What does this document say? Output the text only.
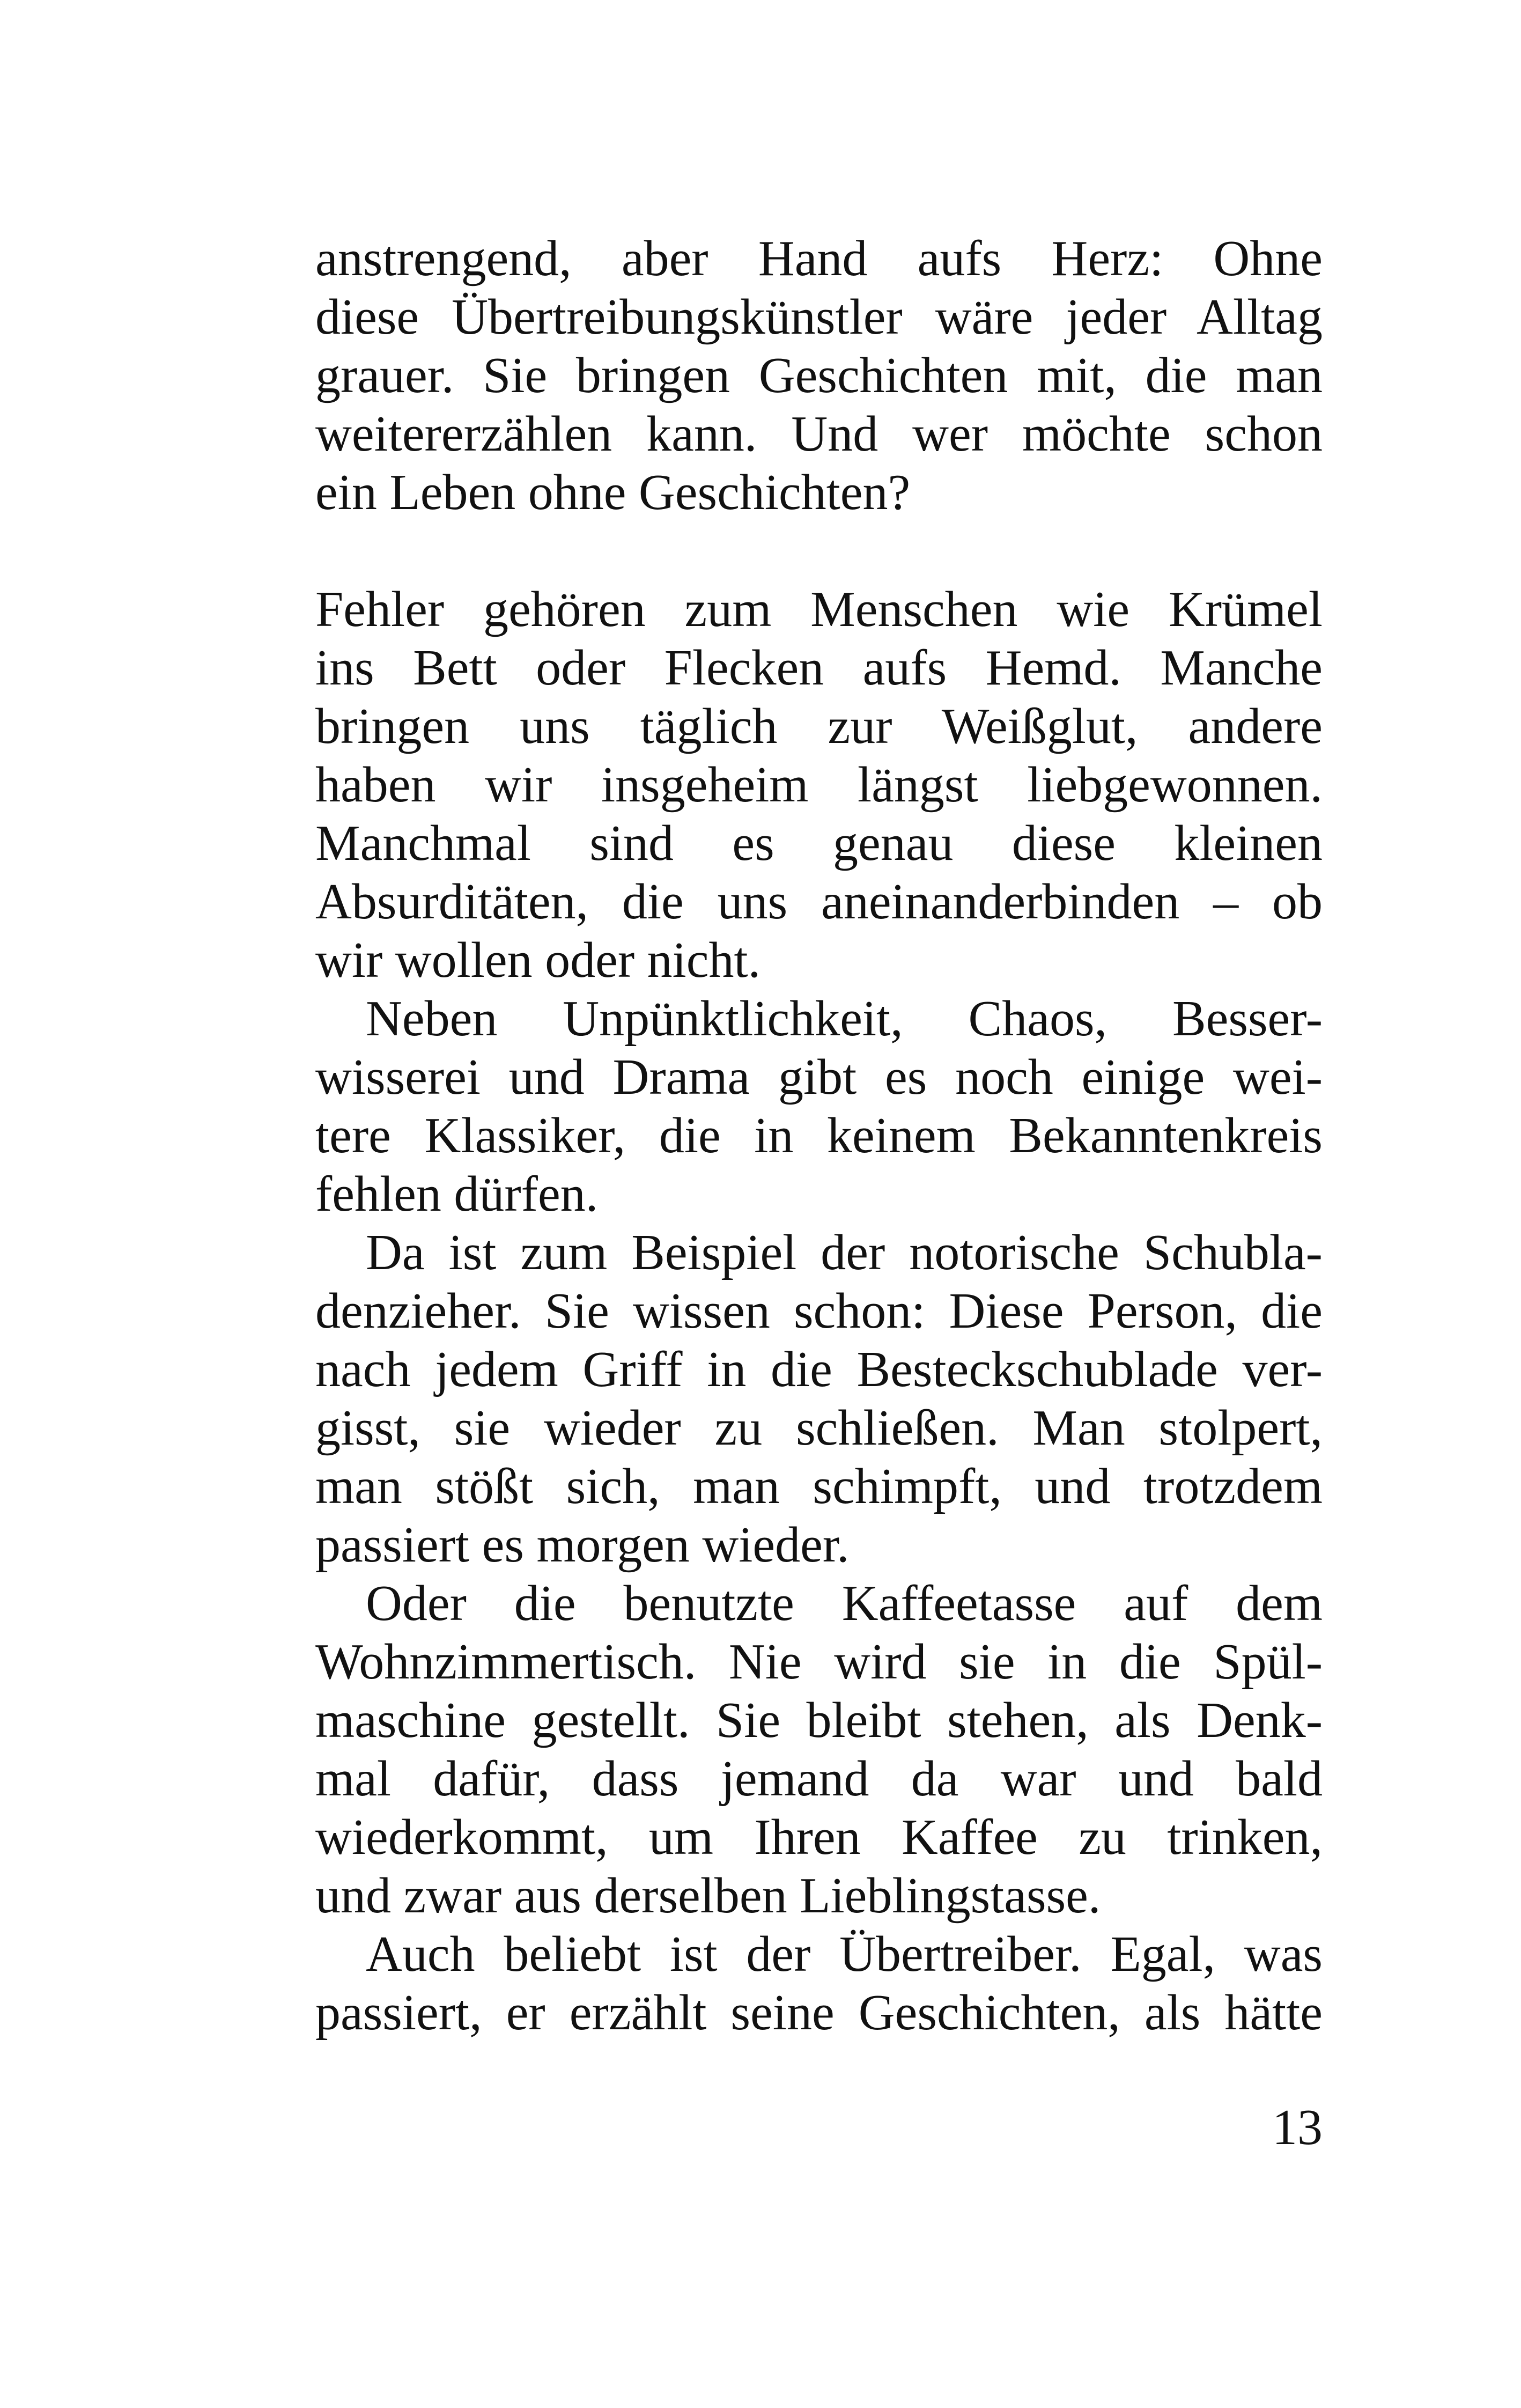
anstrengend, aber Hand aufs Herz: Ohne
diese Übertreibungskünstler wäre jeder Alltag
grauer. Sie bringen Geschichten mit, die man
weitererzählen kann. Und wer möchte schon
ein Leben ohne Geschichten?
Fehler gehören zum Menschen wie Krümel
ins Bett oder Flecken aufs Hemd. Manche
bringen uns täglich zur Weißglut, andere
haben wir insgeheim längst liebgewonnen.
Manchmal sind es genau diese kleinen
Absurditäten, die uns aneinanderbinden – ob
wir wollen oder nicht.
Neben Unpünktlichkeit, Chaos, Besser-
wisserei und Drama gibt es noch einige wei-
tere Klassiker, die in keinem Bekanntenkreis
fehlen dürfen.
Da ist zum Beispiel der notorische Schubla-
denzieher. Sie wissen schon: Diese Person, die
nach jedem Griff in die Besteckschublade ver-
gisst, sie wieder zu schließen. Man stolpert,
man stößt sich, man schimpft, und trotzdem
passiert es morgen wieder.
Oder die benutzte Kaffeetasse auf dem
Wohnzimmertisch. Nie wird sie in die Spül-
maschine gestellt. Sie bleibt stehen, als Denk-
mal dafür, dass jemand da war und bald
wiederkommt, um Ihren Kaffee zu trinken,
und zwar aus derselben Lieblingstasse.
Auch beliebt ist der Übertreiber. Egal, was
passiert, er erzählt seine Geschichten, als hätte
13
